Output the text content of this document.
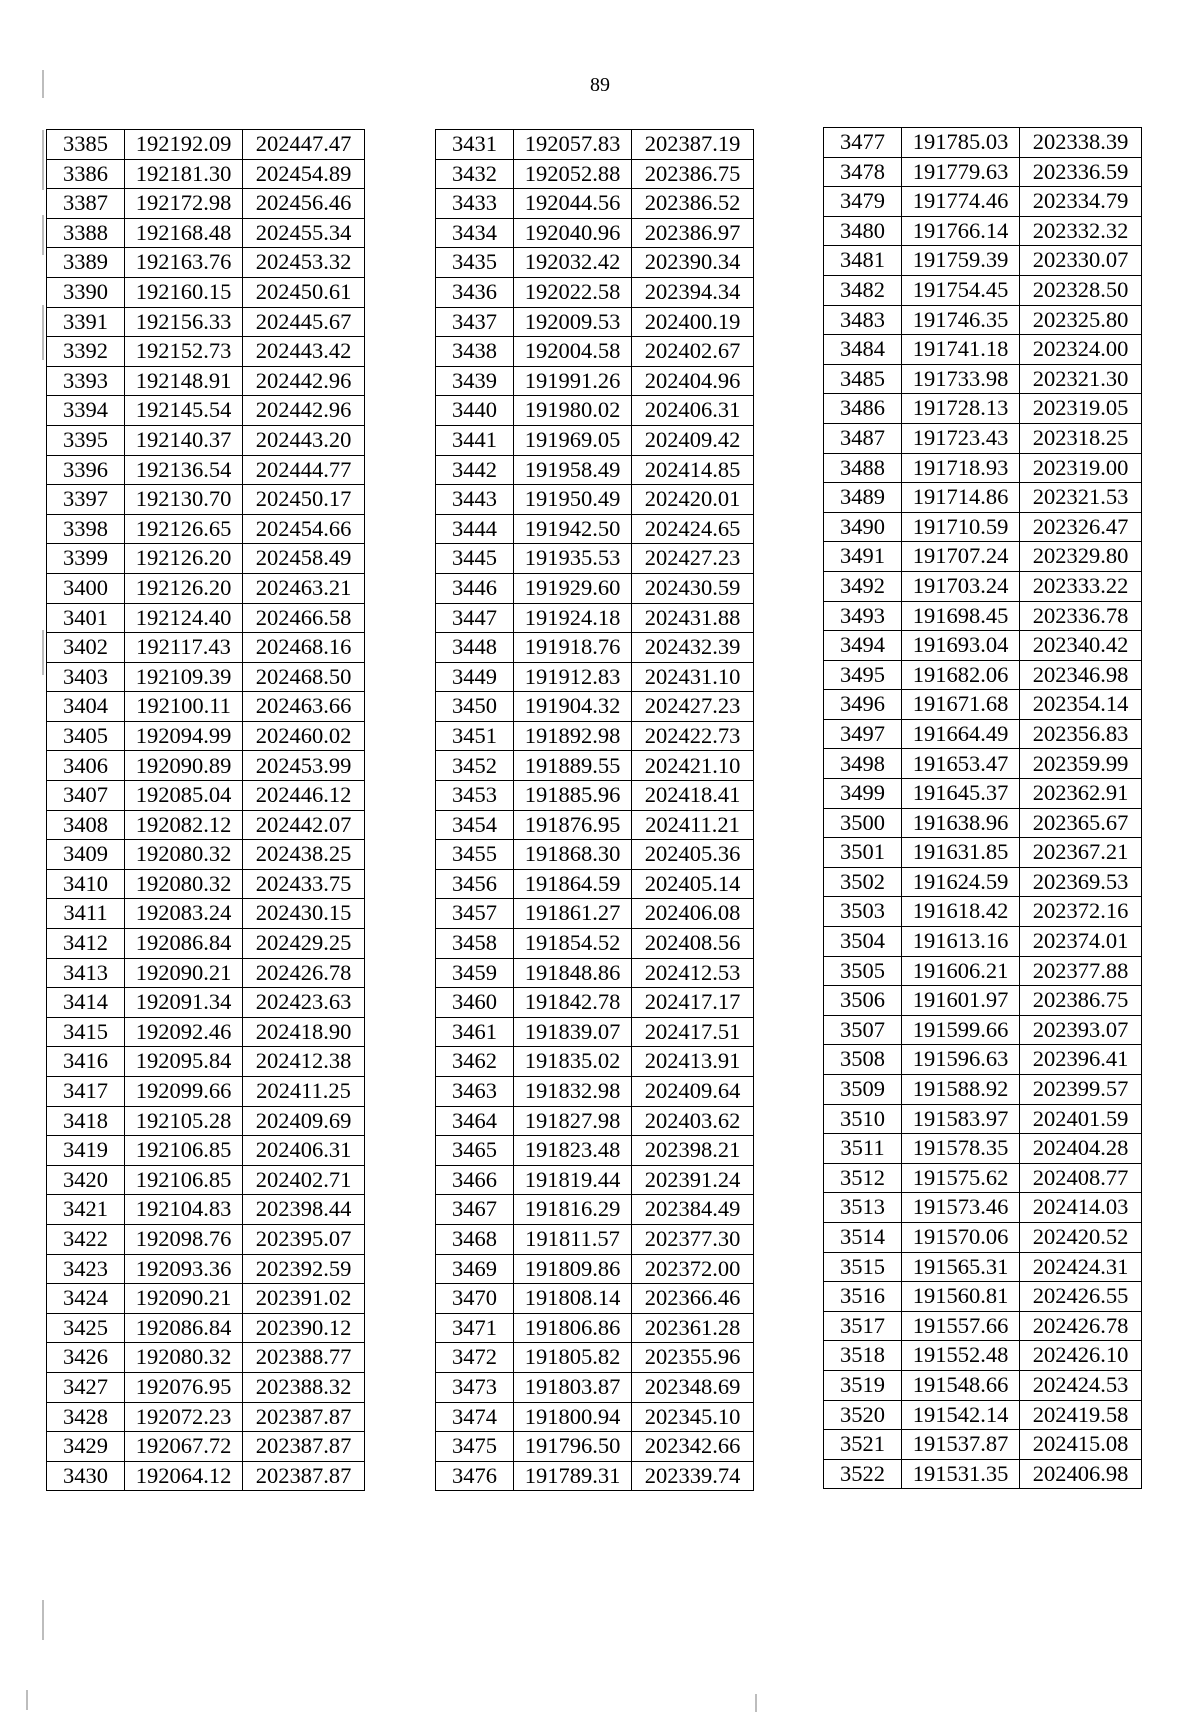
89
3385	192192.09	202447.47
3386	192181.30	202454.89
3387	192172.98	202456.46
3388	192168.48	202455.34
3389	192163.76	202453.32
3390	192160.15	202450.61
3391	192156.33	202445.67
3392	192152.73	202443.42
3393	192148.91	202442.96
3394	192145.54	202442.96
3395	192140.37	202443.20
3396	192136.54	202444.77
3397	192130.70	202450.17
3398	192126.65	202454.66
3399	192126.20	202458.49
3400	192126.20	202463.21
3401	192124.40	202466.58
3402	192117.43	202468.16
3403	192109.39	202468.50
3404	192100.11	202463.66
3405	192094.99	202460.02
3406	192090.89	202453.99
3407	192085.04	202446.12
3408	192082.12	202442.07
3409	192080.32	202438.25
3410	192080.32	202433.75
3411	192083.24	202430.15
3412	192086.84	202429.25
3413	192090.21	202426.78
3414	192091.34	202423.63
3415	192092.46	202418.90
3416	192095.84	202412.38
3417	192099.66	202411.25
3418	192105.28	202409.69
3419	192106.85	202406.31
3420	192106.85	202402.71
3421	192104.83	202398.44
3422	192098.76	202395.07
3423	192093.36	202392.59
3424	192090.21	202391.02
3425	192086.84	202390.12
3426	192080.32	202388.77
3427	192076.95	202388.32
3428	192072.23	202387.87
3429	192067.72	202387.87
3430	192064.12	202387.87
3431	192057.83	202387.19
3432	192052.88	202386.75
3433	192044.56	202386.52
3434	192040.96	202386.97
3435	192032.42	202390.34
3436	192022.58	202394.34
3437	192009.53	202400.19
3438	192004.58	202402.67
3439	191991.26	202404.96
3440	191980.02	202406.31
3441	191969.05	202409.42
3442	191958.49	202414.85
3443	191950.49	202420.01
3444	191942.50	202424.65
3445	191935.53	202427.23
3446	191929.60	202430.59
3447	191924.18	202431.88
3448	191918.76	202432.39
3449	191912.83	202431.10
3450	191904.32	202427.23
3451	191892.98	202422.73
3452	191889.55	202421.10
3453	191885.96	202418.41
3454	191876.95	202411.21
3455	191868.30	202405.36
3456	191864.59	202405.14
3457	191861.27	202406.08
3458	191854.52	202408.56
3459	191848.86	202412.53
3460	191842.78	202417.17
3461	191839.07	202417.51
3462	191835.02	202413.91
3463	191832.98	202409.64
3464	191827.98	202403.62
3465	191823.48	202398.21
3466	191819.44	202391.24
3467	191816.29	202384.49
3468	191811.57	202377.30
3469	191809.86	202372.00
3470	191808.14	202366.46
3471	191806.86	202361.28
3472	191805.82	202355.96
3473	191803.87	202348.69
3474	191800.94	202345.10
3475	191796.50	202342.66
3476	191789.31	202339.74
3477	191785.03	202338.39
3478	191779.63	202336.59
3479	191774.46	202334.79
3480	191766.14	202332.32
3481	191759.39	202330.07
3482	191754.45	202328.50
3483	191746.35	202325.80
3484	191741.18	202324.00
3485	191733.98	202321.30
3486	191728.13	202319.05
3487	191723.43	202318.25
3488	191718.93	202319.00
3489	191714.86	202321.53
3490	191710.59	202326.47
3491	191707.24	202329.80
3492	191703.24	202333.22
3493	191698.45	202336.78
3494	191693.04	202340.42
3495	191682.06	202346.98
3496	191671.68	202354.14
3497	191664.49	202356.83
3498	191653.47	202359.99
3499	191645.37	202362.91
3500	191638.96	202365.67
3501	191631.85	202367.21
3502	191624.59	202369.53
3503	191618.42	202372.16
3504	191613.16	202374.01
3505	191606.21	202377.88
3506	191601.97	202386.75
3507	191599.66	202393.07
3508	191596.63	202396.41
3509	191588.92	202399.57
3510	191583.97	202401.59
3511	191578.35	202404.28
3512	191575.62	202408.77
3513	191573.46	202414.03
3514	191570.06	202420.52
3515	191565.31	202424.31
3516	191560.81	202426.55
3517	191557.66	202426.78
3518	191552.48	202426.10
3519	191548.66	202424.53
3520	191542.14	202419.58
3521	191537.87	202415.08
3522	191531.35	202406.98
